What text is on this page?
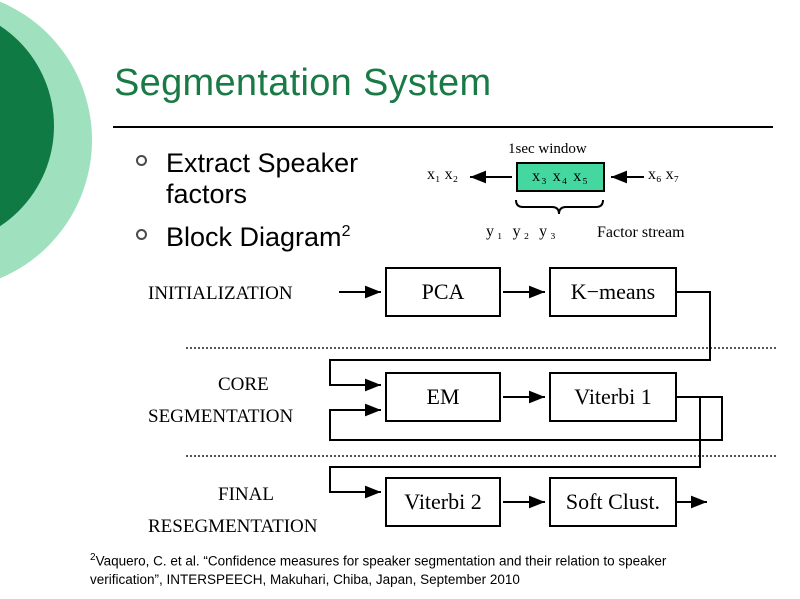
Segmentation System
Extract Speaker factors
Block Diagram$^2$
1sec window
x₁ x₂	x₃ x₄ x₅	x₆ x₇
y₁ y₂ y₃ Factor stream
INITIALIZATION
CORE
SEGMENTATION
FINAL
RESEGMENTATION
PCA	K−means
EM	Viterbi 1
Viterbi 2	Soft Clust.
$^2$Vaquero, C. et al. “Confidence measures for speaker segmentation and their relation to speaker verification”, INTERSPEECH, Makuhari, Chiba, Japan, September 2010
